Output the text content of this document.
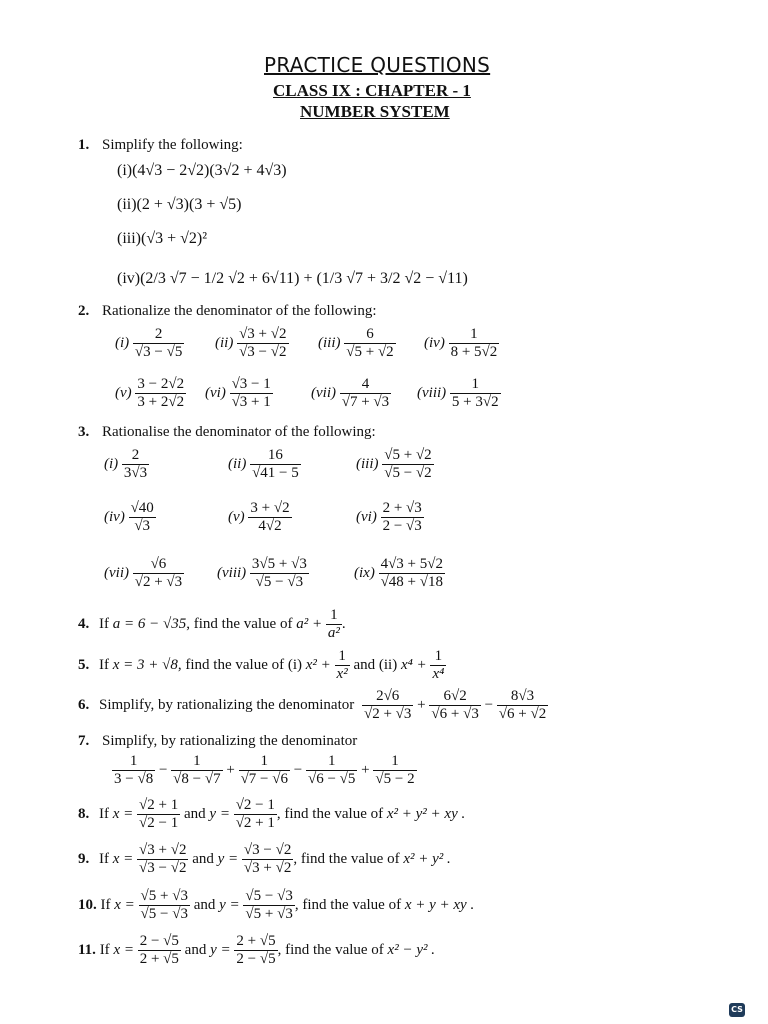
PRACTICE QUESTIONS
CLASS IX : CHAPTER - 1
NUMBER SYSTEM
1. Simplify the following:
(i)(4√3 − 2√2)(3√2 + 4√3)
(ii)(2 + √3)(3 + √5)
(iii)(√3 + √2)²
(iv)(2/3 √7 − 1/2 √2 + 6√11) + (1/3 √7 + 3/2 √2 − √11)
2. Rationalize the denominator of the following:
$(i) \frac{2}{√3 - √5} (ii) \frac{√3 + √2}{√3 - √2} (iii) \frac{6}{√5 + √2} (iv) \frac{1}{8 + 5√2}$
$(v) \frac{3 - 2√2}{3 + 2√2} (vi) \frac{√3 - 1}{√3 + 1}$	$(vii) \frac{4}{√7 + √3}$ (viii) $\frac{1}{5 + 3√2}$
3. Rationalise the denominator of the following:
$(i) \frac{2}{3√3}$	$(ii) \frac{16}{√41 - 5}$	$(iii) \frac{√5 + √2}{√5 - √2}$
$(iv) \frac{√40}{√3}$	$(v) \frac{3 + √2}{4√2}$	$(vi) \frac{2 + √3}{2 - √3}$
$(vii) \frac{√6}{√2 + √3}$ (viii) $\frac{3√5 + √3}{√5 - √3}$	$(ix) \frac{4√3 + 5√2}{√48 + √18}$
4. If a = 6 − √35, find the value of $a^2 + \frac{1}{\text{a²}}$ .
5. If x = 3 + √8, find the value of (i) $x^2 + \frac{1}{\text{x²}}$ and (ii) $x^4 + \frac{1}{\text{x⁴}}$
6. Simplify, by rationalizing the denominator $\frac{2√6}{√2 + √3} + \frac{6√2}{√6 + √3} - \frac{8√3}{√6 + √2}$
7. Simplify, by rationalizing the denominator
$\frac{1}{3 - √8} - \frac{1}{√8 - √7} + \frac{1}{√7 - √6} - \frac{1}{√6 - √5} + \frac{1}{√5 - 2}$
8. If $x = \frac{√2 + 1}{√2 - 1}$ and $y = \frac{√2 - 1}{√2 + 1}$ , find the value of x² + y² + xy .
9. If $x = \frac{√3 + √2}{√3 - √2}$ and $y = \frac{√3 - √2}{√3 + √2}$ , find the value of x² + y² .
10. If $x = \frac{√5 + √3}{√5 - √3}$ and $y = \frac{√5 - √3}{√5 + √3}$ , find the value of x + y + xy .
11. If $x = \frac{2 - √5}{2 + √5}$ and $y = \frac{2 + √5}{2 - √5}$ , find the value of x² − y² .
CS
